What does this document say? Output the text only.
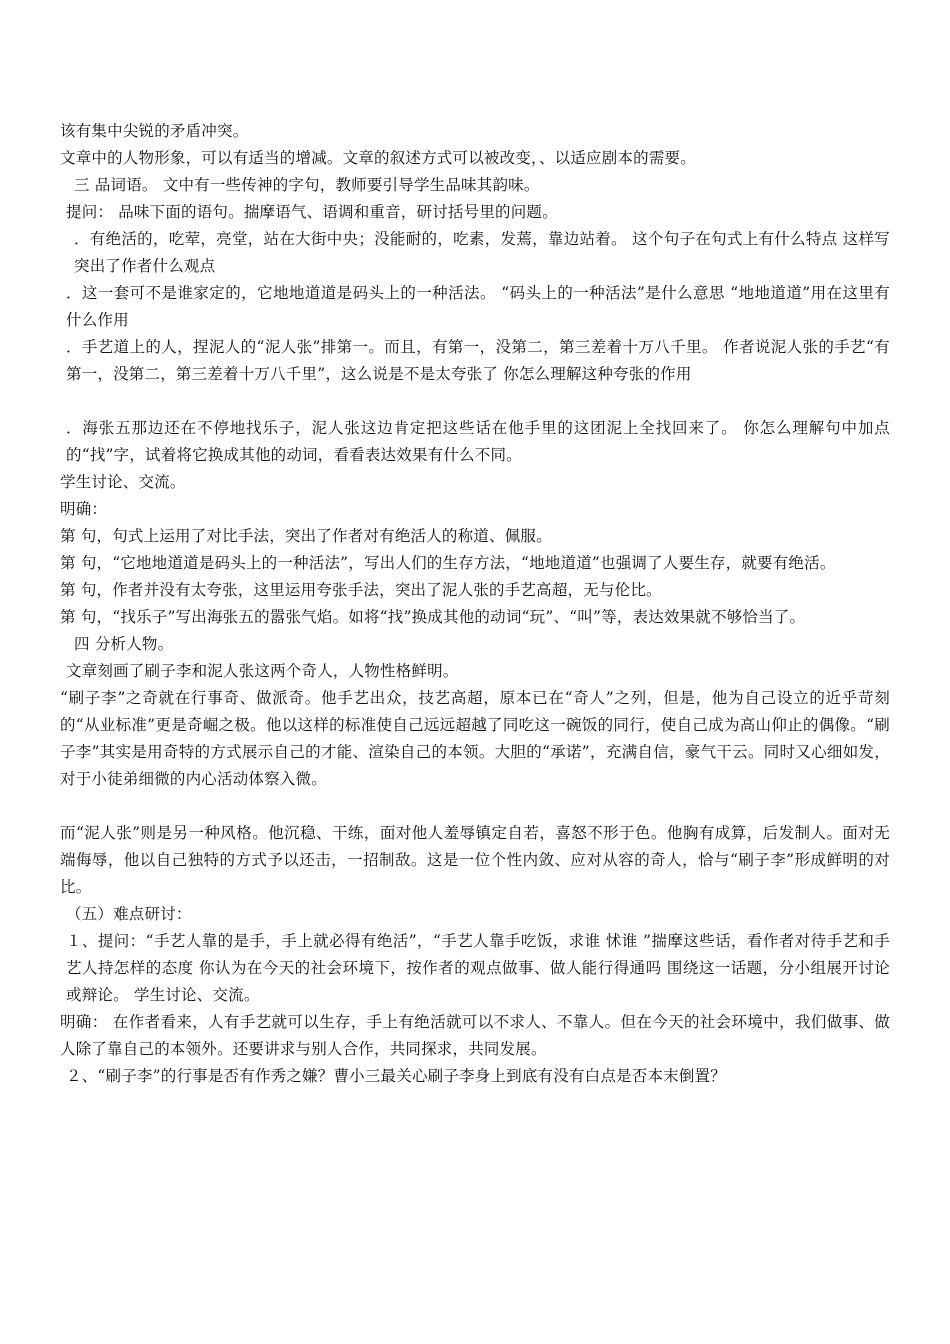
该有集中尖锐的矛盾冲突。

文章中的人物形象，可以有适当的增减。文章的叙述方式可以被改变，、以适应剧本的需要。

三 品词语。 文中有一些传神的字句，教师要引导学生品味其韵味。

提问： 品味下面的语句。揣摩语气、语调和重音，研讨括号里的问题。

．有绝活的，吃荤，亮堂，站在大街中央；没能耐的，吃素，发蔫，靠边站着。 这个句子在句式上有什么特点 这样写突出了作者什么观点

．这一套可不是谁家定的，它地地道道是码头上的一种活法。 “码头上的一种活法”是什么意思 “地地道道”用在这里有什么作用

．手艺道上的人，捏泥人的“泥人张”排第一。而且，有第一，没第二，第三差着十万八千里。 作者说泥人张的手艺“有第一，没第二，第三差着十万八千里”，这么说是不是太夸张了 你怎么理解这种夸张的作用

．海张五那边还在不停地找乐子，泥人张这边肯定把这些话在他手里的这团泥上全找回来了。 你怎么理解句中加点的“找”字，试着将它换成其他的动词，看看表达效果有什么不同。

学生讨论、交流。

明确：

第 句，句式上运用了对比手法，突出了作者对有绝活人的称道、佩服。

第 句，“它地地道道是码头上的一种活法”，写出人们的生存方法，“地地道道”也强调了人要生存，就要有绝活。

第 句，作者并没有太夸张，这里运用夸张手法，突出了泥人张的手艺高超，无与伦比。

第 句，“找乐子”写出海张五的嚣张气焰。如将“找”换成其他的动词“玩”、“叫”等，表达效果就不够恰当了。

四 分析人物。

文章刻画了刷子李和泥人张这两个奇人，人物性格鲜明。

“刷子李”之奇就在行事奇、做派奇。他手艺出众，技艺高超，原本已在“奇人”之列，但是，他为自己设立的近乎苛刻的“从业标准”更是奇崛之极。他以这样的标准使自己远远超越了同吃这一碗饭的同行，使自己成为高山仰止的偶像。“刷子李”其实是用奇特的方式展示自己的才能、渲染自己的本领。大胆的“承诺”，充满自信，豪气干云。同时又心细如发，对于小徒弟细微的内心活动体察入微。

而“泥人张”则是另一种风格。他沉稳、干练，面对他人羞辱镇定自若，喜怒不形于色。他胸有成算，后发制人。面对无端侮辱，他以自己独特的方式予以还击，一招制敌。这是一位个性内敛、应对从容的奇人，恰与“刷子李”形成鲜明的对比。

（五）难点研讨：

１、提问：“手艺人靠的是手，手上就必得有绝活”，“手艺人靠手吃饭，求谁 怵谁 ”揣摩这些话，看作者对待手艺和手艺人持怎样的态度 你认为在今天的社会环境下，按作者的观点做事、做人能行得通吗 围绕这一话题，分小组展开讨论或辩论。 学生讨论、交流。

明确： 在作者看来，人有手艺就可以生存，手上有绝活就可以不求人、不靠人。但在今天的社会环境中，我们做事、做人除了靠自己的本领外。还要讲求与别人合作，共同探求，共同发展。

２、“刷子李”的行事是否有作秀之嫌？曹小三最关心刷子李身上到底有没有白点是否本末倒置？
